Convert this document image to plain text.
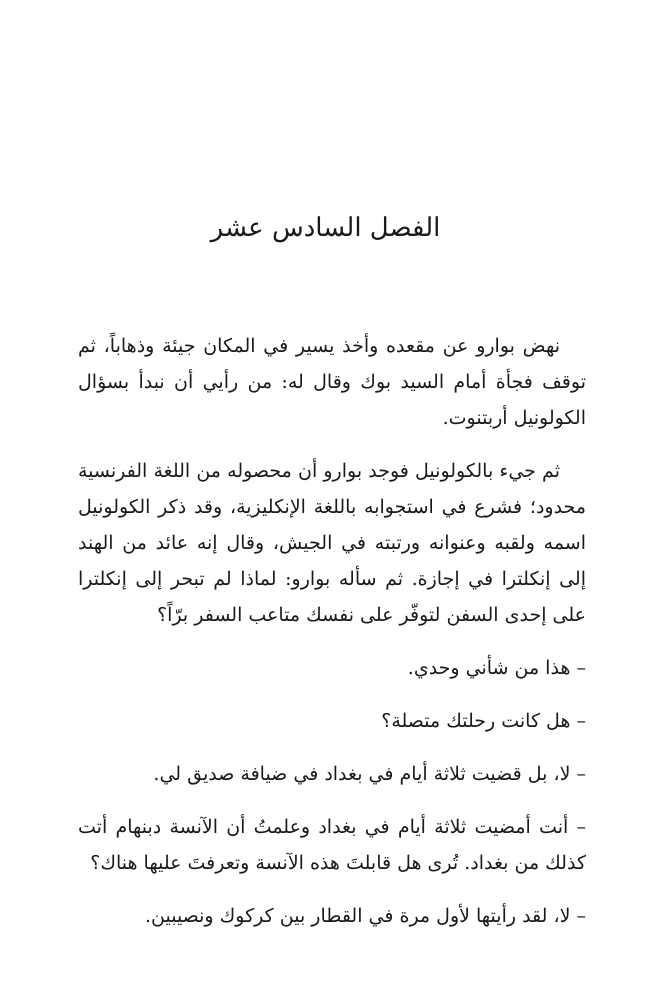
الفصل السادس عشر

نهض بوارو عن مقعده وأخذ يسير في المكان جيئة وذهاباً، ثم توقف فجأة أمام السيد بوك وقال له: من رأيي أن نبدأ بسؤال الكولونيل أربتنوت.

ثم جيء بالكولونيل فوجد بوارو أن محصوله من اللغة الفرنسية محدود؛ فشرع في استجوابه باللغة الإنكليزية، وقد ذكر الكولونيل اسمه ولقبه وعنوانه ورتبته في الجيش، وقال إنه عائد من الهند إلى إنكلترا في إجازة. ثم سأله بوارو: لماذا لم تبحر إلى إنكلترا على إحدى السفن لتوفّر على نفسك متاعب السفر برّاً؟

– هذا من شأني وحدي.

– هل كانت رحلتك متصلة؟

– لا، بل قضيت ثلاثة أيام في بغداد في ضيافة صديق لي.

– أنت أمضيت ثلاثة أيام في بغداد وعلمتُ أن الآنسة دبنهام أتت كذلك من بغداد. تُرى هل قابلتَ هذه الآنسة وتعرفتَ عليها هناك؟

– لا، لقد رأيتها لأول مرة في القطار بين كركوك ونصيبين.
